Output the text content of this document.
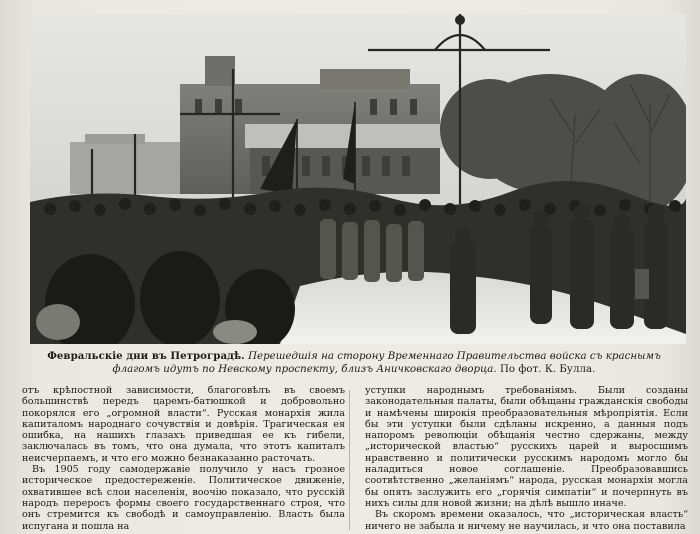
Февральскiе дни въ Петроградѣ. Перешедшiя на сторону Временнаго Правительства войска съ краснымъ флагомъ идутъ по Невскому проспекту, близъ Аничковскаго дворца. По фот. К. Булла.

отъ крѣпостной зависимости, благоговѣлъ въ своемъ большинствѣ передъ царемъ-батюшкой и добровольно покорялся его „огромной власти“. Русская монархiя жила капиталомъ народнаго сочувствiя и довѣрiя. Трагическая ея ошибка, на нашихъ глазахъ приведшая ее къ гибели, заключалась въ томъ, что она думала, что этотъ капиталъ неисчерпаемъ, и что его можно безнаказанно расточать.

Въ 1905 году самодержавiе получило у насъ грозное историческое предостереженiе. Политическое движенiе, охватившее всѣ слои населенiя, воочiю показало, что русскiй народъ переросъ формы своего государственнаго строя, что онъ стремится къ свободѣ и самоуправленiю. Власть была испугана и пошла на

уступки народнымъ требованiямъ. Были созданы законодательныя палаты, были обѣщаны гражданскiя свободы и намѣчены широкiя преобразовательныя мѣропрiятiя. Если бы эти уступки были сдѣланы искренно, а данныя подъ напоромъ революцiи обѣщанiя честно сдержаны, между „исторической властью“ русскихъ царей и выросшимъ нравственно и политически русскимъ народомъ могло бы наладиться новое соглашенiе. Преобразовавшись соотвѣтственно „желанiямъ“ народа, русская монархiя могла бы опять заслужить его „горячiя симпатiи“ и почерпнуть въ нихъ силы для новой жизни; на дѣлѣ вышло иначе.

Въ скоромъ времени оказалось, что „историческая власть“ ничего не забыла и ничему не научилась, и что она поставила
